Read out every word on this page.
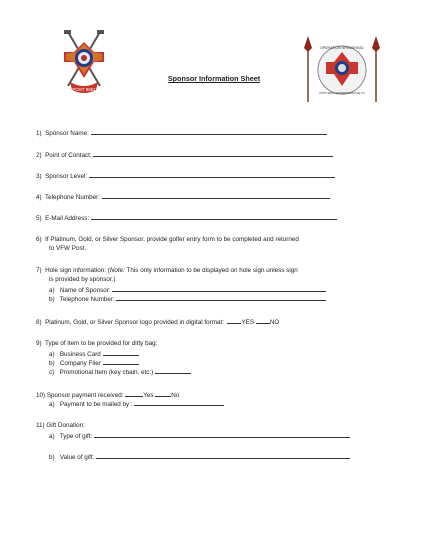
POST 9851
OPERATION SPEARHEAD
POST 9851 HENDERSONVILLE TN
Sponsor Information Sheet
1)  Sponsor Name:
2)  Point of Contact:
3)  Sponsor Level:
4)  Telephone Number:
5)  E-Mail Address:
6)  If Platinum, Gold, or Silver Sponsor, provide golfer entry form to be completed and returned
to VFW Post.
7)  Hole sign information: (Note: This only information to be displayed on hole sign unless sign
is provided by sponsor.)
a)   Name of Sponsor:
b)   Telephone Number:
8)  Platinum, Gold, or Silver Sponsor logo provided in digital format:	YES	NO
9)  Type of item to be provided for ditty bag:
a)   Business Card
b)   Company Flier
c)   Promotional Item (key chain, etc.)
10) Sponsor payment received:	Yes	No
a)   Payment to be mailed by :
11) Gift Donation:
a)   Type of gift:
b)   Value of gift:
